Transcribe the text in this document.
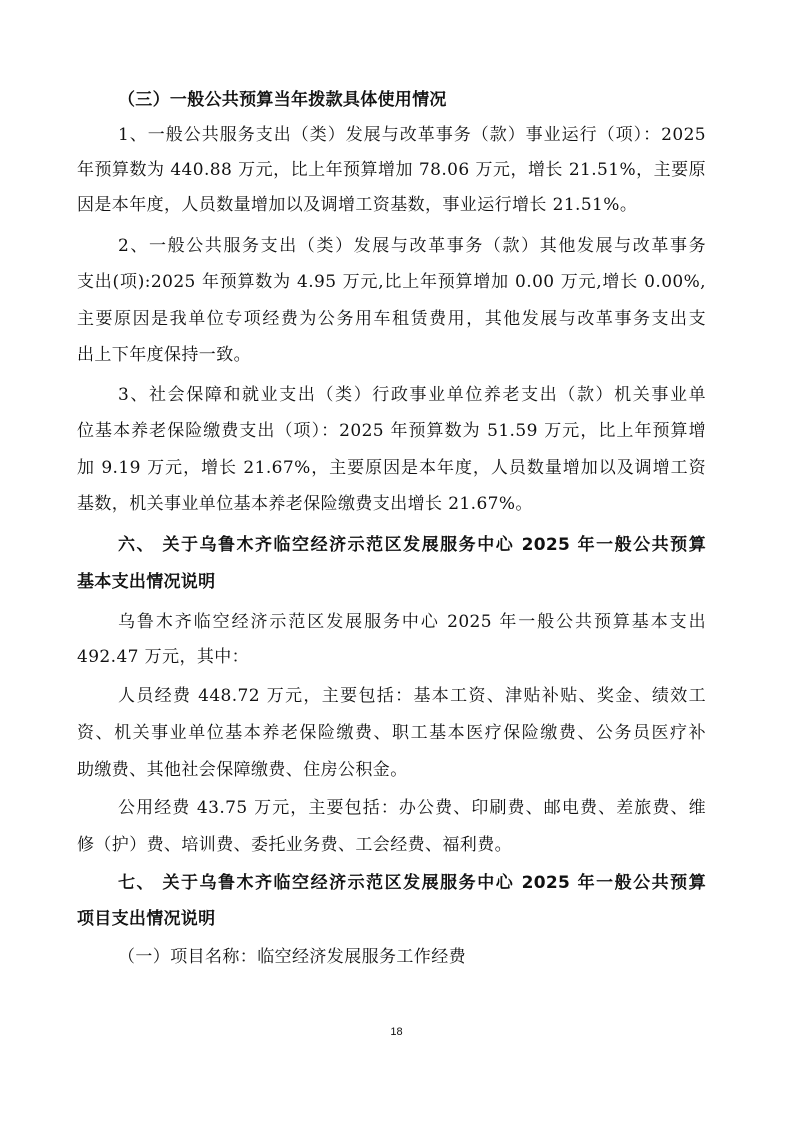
（三）一般公共预算当年拨款具体使用情况
1、一般公共服务支出（类）发展与改革事务（款）事业运行（项）：2025
年预算数为 440.88 万元，比上年预算增加 78.06 万元，增长 21.51%，主要原
因是本年度，人员数量增加以及调增工资基数，事业运行增长 21.51%。
2、一般公共服务支出（类）发展与改革事务（款）其他发展与改革事务
支出(项):2025 年预算数为 4.95 万元,比上年预算增加 0.00 万元,增长 0.00%,
主要原因是我单位专项经费为公务用车租赁费用，其他发展与改革事务支出支
出上下年度保持一致。
3、社会保障和就业支出（类）行政事业单位养老支出（款）机关事业单
位基本养老保险缴费支出（项）：2025 年预算数为 51.59 万元，比上年预算增
加 9.19 万元，增长 21.67%，主要原因是本年度，人员数量增加以及调增工资
基数，机关事业单位基本养老保险缴费支出增长 21.67%。
六、 关于乌鲁木齐临空经济示范区发展服务中心 2025 年一般公共预算
基本支出情况说明
乌鲁木齐临空经济示范区发展服务中心 2025 年一般公共预算基本支出
492.47 万元，其中：
人员经费 448.72 万元，主要包括：基本工资、津贴补贴、奖金、绩效工
资、机关事业单位基本养老保险缴费、职工基本医疗保险缴费、公务员医疗补
助缴费、其他社会保障缴费、住房公积金。
公用经费 43.75 万元，主要包括：办公费、印刷费、邮电费、差旅费、维
修（护）费、培训费、委托业务费、工会经费、福利费。
七、 关于乌鲁木齐临空经济示范区发展服务中心 2025 年一般公共预算
项目支出情况说明
（一）项目名称：临空经济发展服务工作经费
18
